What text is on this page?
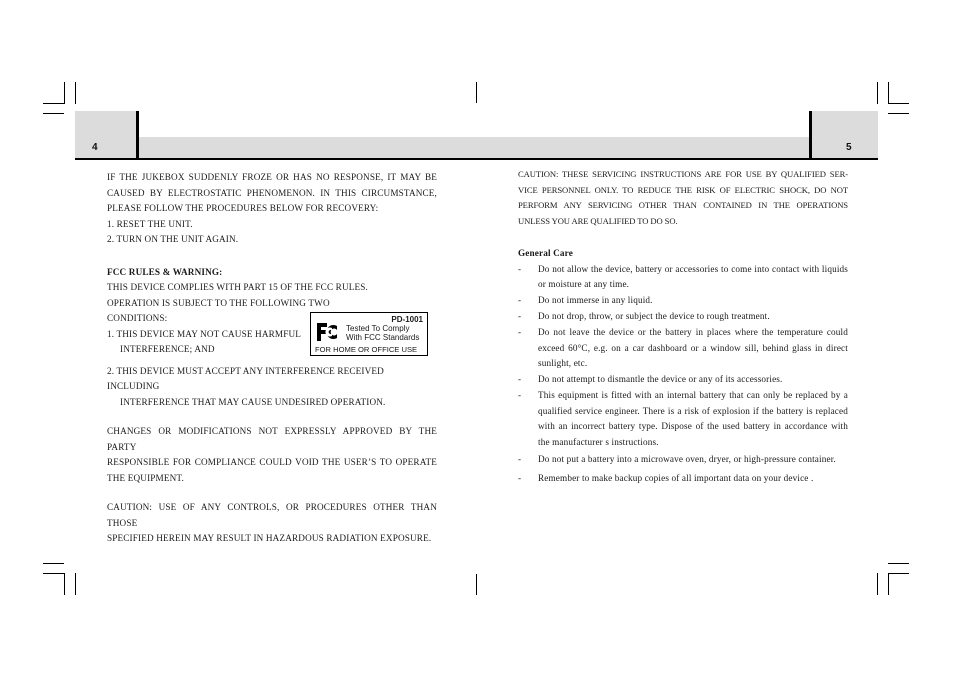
4	5

IF THE JUKEBOX SUDDENLY FROZE OR HAS NO RESPONSE, IT MAY BE

CAUSED BY ELECTROSTATIC PHENOMENON. IN THIS CIRCUMSTANCE,

PLEASE FOLLOW THE PROCEDURES BELOW FOR RECOVERY:

1. RESET THE UNIT.

2. TURN ON THE UNIT AGAIN.

FCC RULES & WARNING:

THIS DEVICE COMPLIES WITH PART 15 OF THE FCC RULES.

OPERATION IS SUBJECT TO THE FOLLOWING TWO

CONDITIONS:

1. THIS DEVICE MAY NOT CAUSE HARMFUL

INTERFERENCE; AND

2. THIS DEVICE MUST ACCEPT ANY INTERFERENCE RECEIVED INCLUDING

INTERFERENCE THAT MAY CAUSE UNDESIRED OPERATION.

CHANGES OR MODIFICATIONS NOT EXPRESSLY APPROVED BY THE PARTY

RESPONSIBLE FOR COMPLIANCE COULD VOID THE USER’S TO OPERATE

THE EQUIPMENT.

CAUTION: USE OF ANY CONTROLS, OR PROCEDURES OTHER THAN THOSE

SPECIFIED HEREIN MAY RESULT IN HAZARDOUS RADIATION EXPOSURE.

PD-1001
Tested To Comply
With FCC Standards
FOR HOME OR OFFICE USE

CAUTION: THESE SERVICING INSTRUCTIONS ARE FOR USE BY QUALIFIED SER-

VICE PERSONNEL ONLY. TO REDUCE THE RISK OF ELECTRIC SHOCK, DO NOT

PERFORM ANY SERVICING OTHER THAN CONTAINED IN THE OPERATIONS

UNLESS YOU ARE QUALIFIED TO DO SO.

General Care

- Do not allow the device, battery or accessories to come into contact with liquids or moisture at any time.
- Do not immerse in any liquid.
- Do not drop, throw, or subject the device to rough treatment.
- Do not leave the device or the battery in places where the temperature could exceed 60°C, e.g. on a car dashboard or a window sill, behind glass in direct sunlight, etc.
- Do not attempt to dismantle the device or any of its accessories.
- This equipment is fitted with an internal battery that can only be replaced by a qualified service engineer. There is a risk of explosion if the battery is replaced with an incorrect battery type. Dispose of the used battery in accordance with the manufacturer s instructions.
- Do not put a battery into a microwave oven, dryer, or high-pressure container.
- Remember to make backup copies of all important data on your device .
